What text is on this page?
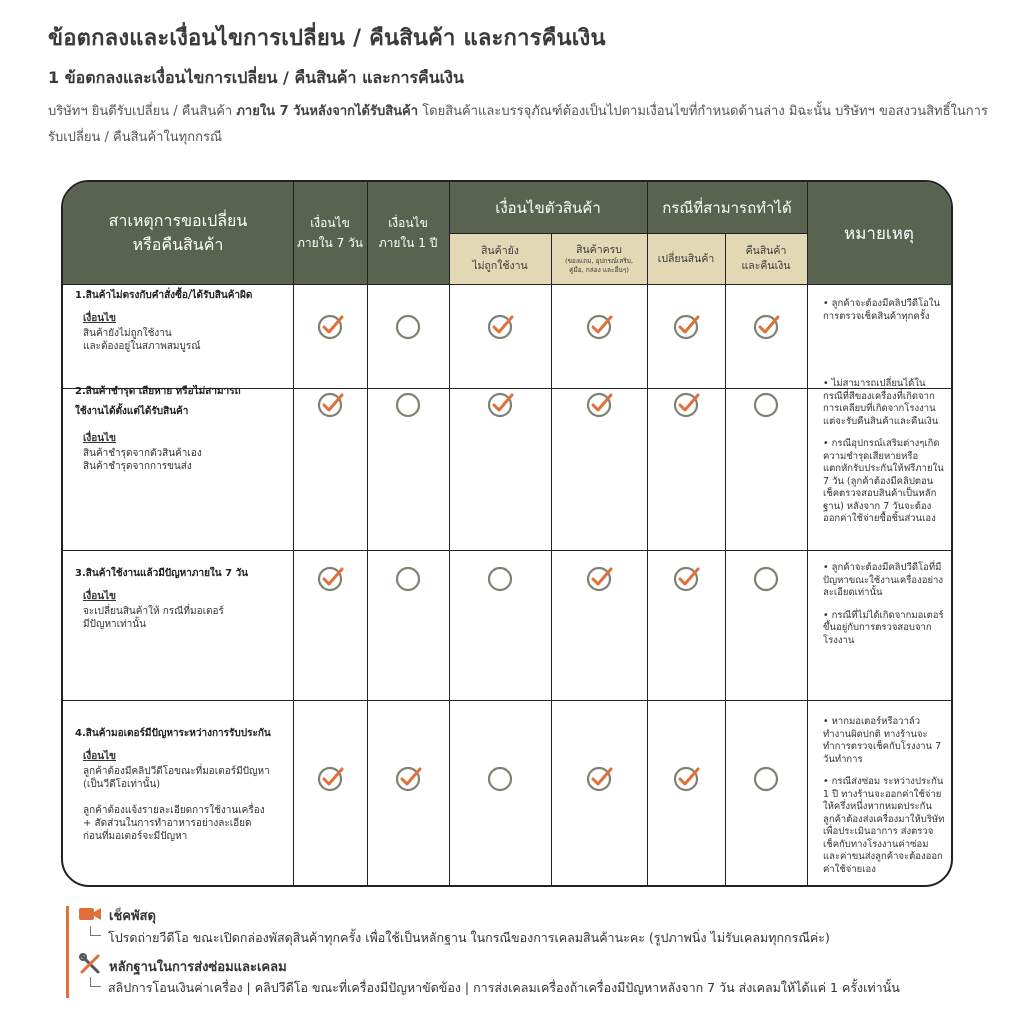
ข้อตกลงและเงื่อนไขการเปลี่ยน / คืนสินค้า และการคืนเงิน
1 ข้อตกลงและเงื่อนไขการเปลี่ยน / คืนสินค้า และการคืนเงิน
บริษัทฯ ยินดีรับเปลี่ยน / คืนสินค้า ภายใน 7 วันหลังจากได้รับสินค้า โดยสินค้าและบรรจุภัณฑ์ต้องเป็นไปตามเงื่อนไขที่กำหนดด้านล่าง มิฉะนั้น บริษัทฯ ขอสงวนสิทธิ์ในการรับเปลี่ยน / คืนสินค้าในทุกกรณี
สาเหตุการขอเปลี่ยน
หรือคืนสินค้า
เงื่อนไข
ภายใน 7 วัน
เงื่อนไข
ภายใน 1 ปี
เงื่อนไขตัวสินค้า	กรณีที่สามารถทำได้
หมายเหตุ
สินค้ายัง
ไม่ถูกใช้งาน
สินค้าครบ
(ของแถม, อุปกรณ์เสริม,
คู่มือ, กล่อง และอื่นๆ)
เปลี่ยนสินค้า
คืนสินค้า
และคืนเงิน
1.สินค้าไม่ตรงกับคำสั่งซื้อ/ได้รับสินค้าผิด
เงื่อนไข
สินค้ายังไม่ถูกใช้งาน
และต้องอยู่ในสภาพสมบูรณ์
2.สินค้าชำรุด เสียหาย หรือไม่สามารถ
ใช้งานได้ตั้งแต่ได้รับสินค้า
เงื่อนไข
สินค้าชำรุดจากตัวสินค้าเอง
สินค้าชำรุดจากการขนส่ง
3.สินค้าใช้งานแล้วมีปัญหาภายใน 7 วัน
เงื่อนไข
จะเปลี่ยนสินค้าให้ กรณีที่มอเตอร์
มีปัญหาเท่านั้น
4.สินค้ามอเตอร์มีปัญหาระหว่างการรับประกัน
เงื่อนไข
ลูกค้าต้องมีคลิปวีดีโอขณะที่มอเตอร์มีปัญหา
(เป็นวีดีโอเท่านั้น)

ลูกค้าต้องแจ้งรายละเอียดการใช้งานเครื่อง
+ สัดส่วนในการทำอาหารอย่างละเอียด
ก่อนที่มอเตอร์จะมีปัญหา

• ลูกค้าจะต้องมีคลิปวีดีโอในการตรวจเช็คสินค้าทุกครั้ง

• ไม่สามารถเปลี่ยนได้ในกรณีที่สีของเครื่องที่เกิดจากการเคลียบที่เกิดจากโรงงานแต่จะรับคืนสินค้าและคืนเงิน

• กรณีอุปกรณ์เสริมต่างๆเกิดความชำรุดเสียหายหรือแตกหักรับประกันให้ฟรีภายใน 7 วัน (ลูกค้าต้องมีคลิปตอนเช็คตรวจสอบสินค้าเป็นหลักฐาน) หลังจาก 7 วันจะต้องออกค่าใช้จ่ายซื้อชิ้นส่วนเอง

• ลูกค้าจะต้องมีคลิปวีดีโอที่มีปัญหาขณะใช้งานเครื่องอย่างละเอียดเท่านั้น

• กรณีที่ไม่ได้เกิดจากมอเตอร์ขึ้นอยู่กับการตรวจสอบจากโรงงาน

• หากมอเตอร์หรือวาล์วทำงานผิดปกติ ทางร้านจะทำการตรวจเช็คกับโรงงาน 7 วันทำการ

• กรณีส่งซ่อม ระหว่างประกัน 1 ปี ทางร้านจะออกค่าใช้จ่ายให้ครึ่งหนึ่งหากหมดประกัน ลูกค้าต้องส่งเครื่องมาให้บริษัทเพื่อประเมินอาการ ส่งตรวจเช็คกับทางโรงงานค่าซ่อมและค่าขนส่งลูกค้าจะต้องออกค่าใช้จ่ายเอง

เช็คพัสดุ
โปรดถ่ายวีดีโอ ขณะเปิดกล่องพัสดุสินค้าทุกครั้ง เพื่อใช้เป็นหลักฐาน ในกรณีของการเคลมสินค้านะคะ (รูปภาพนิ่ง ไม่รับเคลมทุกกรณีค่ะ)
หลักฐานในการส่งซ่อมและเคลม
สลิปการโอนเงินค่าเครื่อง | คลิปวีดีโอ ขณะที่เครื่องมีปัญหาขัดข้อง | การส่งเคลมเครื่องถ้าเครื่องมีปัญหาหลังจาก 7 วัน ส่งเคลมให้ได้แค่ 1 ครั้งเท่านั้น
